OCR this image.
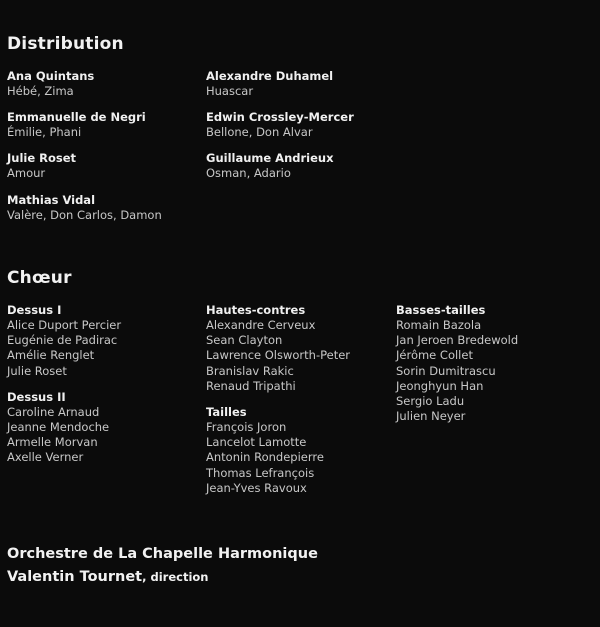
Distribution
Ana Quintans
Hébé, Zima
Emmanuelle de Negri
Émilie, Phani
Julie Roset
Amour
Mathias Vidal
Valère, Don Carlos, Damon
Alexandre Duhamel
Huascar
Edwin Crossley-Mercer
Bellone, Don Alvar
Guillaume Andrieux
Osman, Adario
Chœur
Dessus I
Alice Duport Percier
Eugénie de Padirac
Amélie Renglet
Julie Roset
Dessus II
Caroline Arnaud
Jeanne Mendoche
Armelle Morvan
Axelle Verner
Hautes-contres
Alexandre Cerveux
Sean Clayton
Lawrence Olsworth-Peter
Branislav Rakic
Renaud Tripathi
Tailles
François Joron
Lancelot Lamotte
Antonin Rondepierre
Thomas Lefrançois
Jean-Yves Ravoux
Basses-tailles
Romain Bazola
Jan Jeroen Bredewold
Jérôme Collet
Sorin Dumitrascu
Jeonghyun Han
Sergio Ladu
Julien Neyer
Orchestre de La Chapelle Harmonique
Valentin Tournet, direction
